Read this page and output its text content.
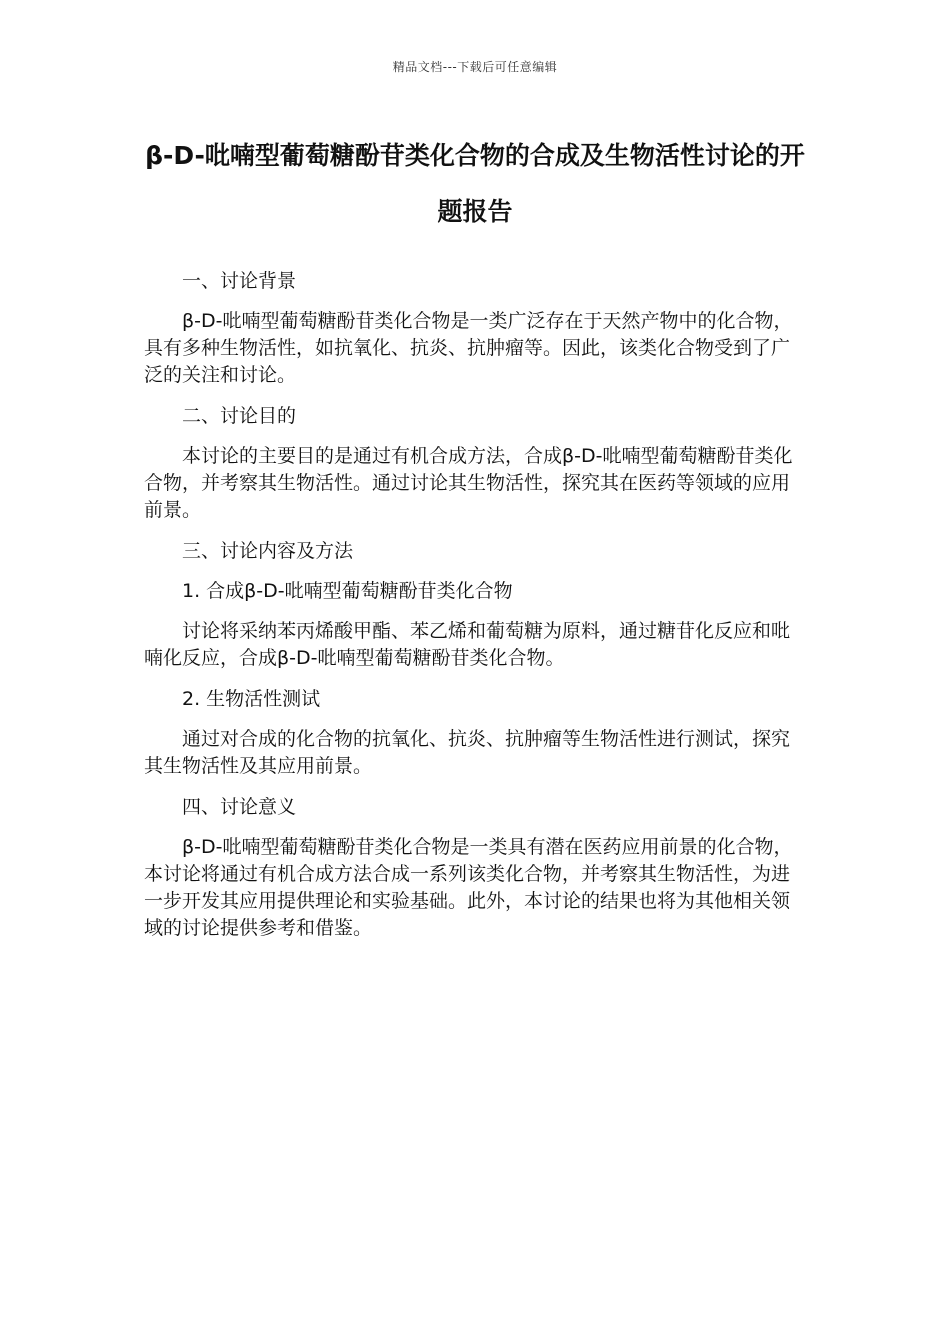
精品文档---下载后可任意编辑
β-D-吡喃型葡萄糖酚苷类化合物的合成及生物活性讨论的开题报告

一、讨论背景

β-D-吡喃型葡萄糖酚苷类化合物是一类广泛存在于天然产物中的化合物，具有多种生物活性，如抗氧化、抗炎、抗肿瘤等。因此，该类化合物受到了广泛的关注和讨论。

二、讨论目的

本讨论的主要目的是通过有机合成方法，合成β-D-吡喃型葡萄糖酚苷类化合物，并考察其生物活性。通过讨论其生物活性，探究其在医药等领域的应用前景。

三、讨论内容及方法

1. 合成β-D-吡喃型葡萄糖酚苷类化合物

讨论将采纳苯丙烯酸甲酯、苯乙烯和葡萄糖为原料，通过糖苷化反应和吡喃化反应，合成β-D-吡喃型葡萄糖酚苷类化合物。

2. 生物活性测试

通过对合成的化合物的抗氧化、抗炎、抗肿瘤等生物活性进行测试，探究其生物活性及其应用前景。

四、讨论意义

β-D-吡喃型葡萄糖酚苷类化合物是一类具有潜在医药应用前景的化合物，本讨论将通过有机合成方法合成一系列该类化合物，并考察其生物活性，为进一步开发其应用提供理论和实验基础。此外，本讨论的结果也将为其他相关领域的讨论提供参考和借鉴。
